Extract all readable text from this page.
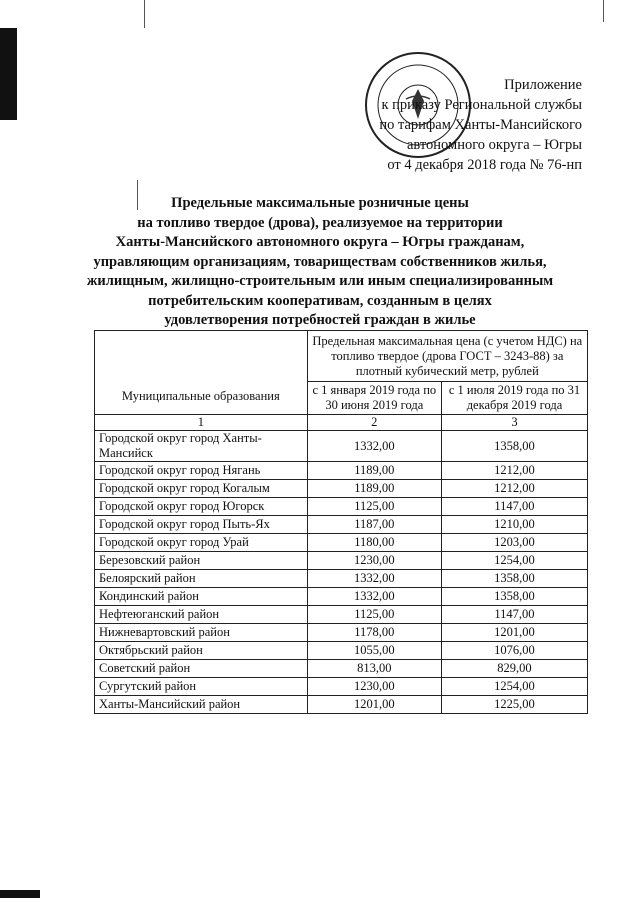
Приложение
к приказу Региональной службы
по тарифам Ханты-Мансийского
автономного округа – Югры
от 4 декабря 2018 года № 76-нп
Предельные максимальные розничные цены
на топливо твердое (дрова), реализуемое на территории
Ханты-Мансийского автономного округа – Югры гражданам,
управляющим организациям, товариществам собственников жилья,
жилищным, жилищно-строительным или иным специализированным
потребительским кооперативам, созданным в целях
удовлетворения потребностей граждан в жилье
Муниципальные образования	Предельная максимальная цена (с учетом НДС) на топливо твердое (дрова ГОСТ – 3243-88) за плотный кубический метр, рублей	
	с 1 января 2019 года по 30 июня 2019 года	с 1 июля 2019 года по 31 декабря 2019 года
1	2	3
Городской округ город Ханты-Мансийск	1332,00	1358,00
Городской округ город Нягань	1189,00	1212,00
Городской округ город Когалым	1189,00	1212,00
Городской округ город Югорск	1125,00	1147,00
Городской округ город Пыть-Ях	1187,00	1210,00
Городской округ город Урай	1180,00	1203,00
Березовский район	1230,00	1254,00
Белоярский район	1332,00	1358,00
Кондинский район	1332,00	1358,00
Нефтеюганский район	1125,00	1147,00
Нижневартовский район	1178,00	1201,00
Октябрьский район	1055,00	1076,00
Советский район	813,00	829,00
Сургутский район	1230,00	1254,00
Ханты-Мансийский район	1201,00	1225,00
